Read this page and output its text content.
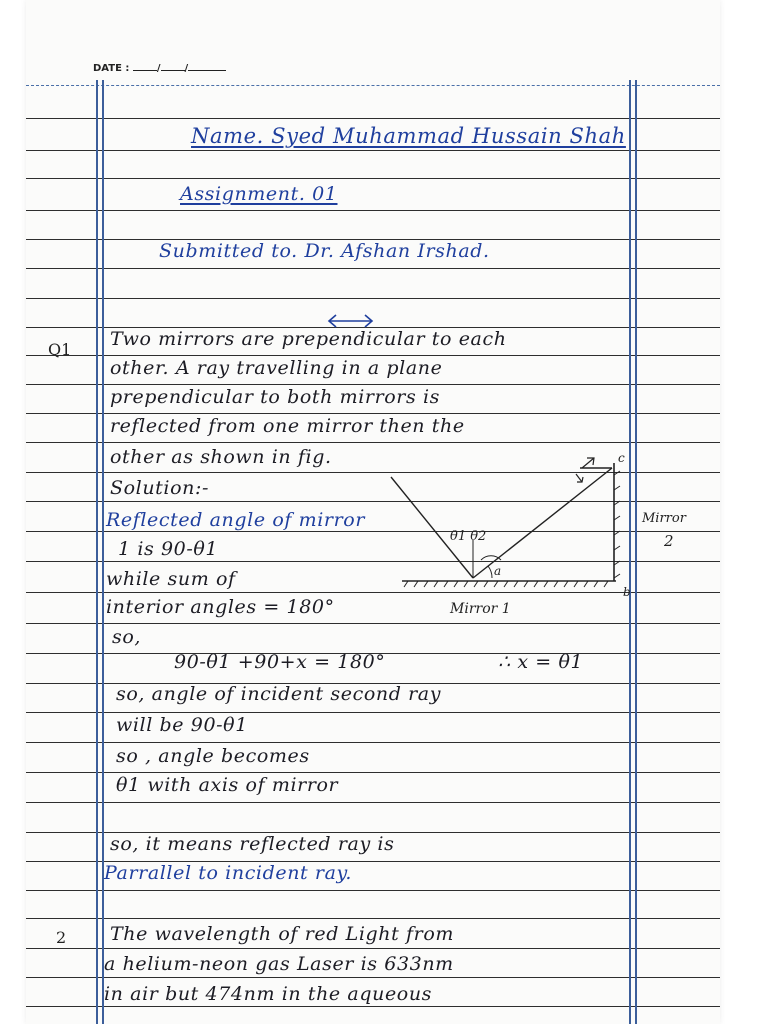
DATE :	/ /
Name. Syed Muhammad Hussain Shah
Assignment. 01
Submitted to. Dr. Afshan Irshad.
Q1 Two mirrors are prependicular to each
other. A ray travelling in a plane
prependicular to both mirrors is
reflected from one mirror then the
other as shown in fig.
Solution:-
Reflected angle of mirror
1 is 90-θ1
while sum of
interior angles = 180°
so,
90-θ1 +90+x = 180°	∴ x = θ1
so, angle of incident second ray
will be 90-θ1
so , angle becomes
θ1 with axis of mirror
so, it means reflected ray is
Parrallel to incident ray.
2 The wavelength of red Light from
a helium-neon gas Laser is 633nm
in air but 474nm in the aqueous
c
b
a
θ1 θ2
Mirror 1
Mirror
2
